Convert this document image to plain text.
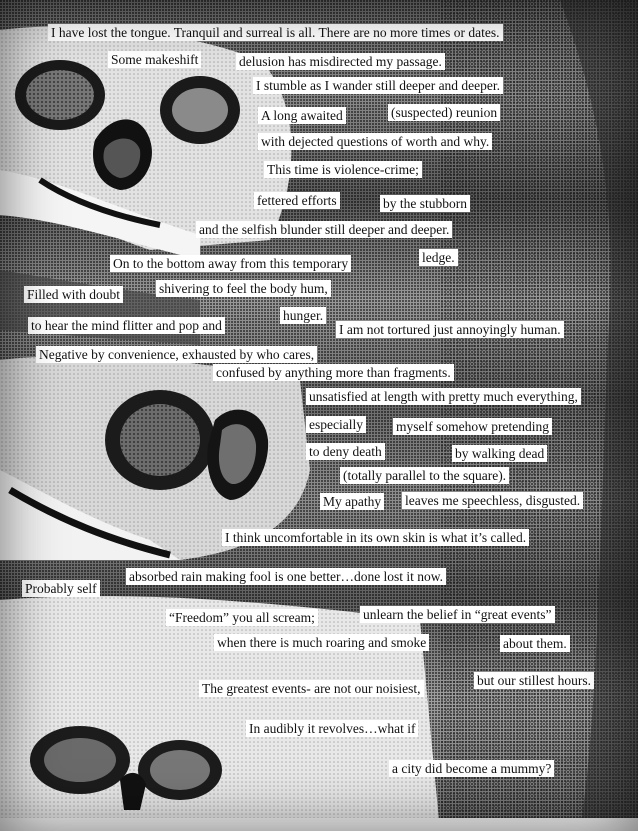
I have lost the tongue. Tranquil and surreal is all. There are no more times or dates.
Some makeshift	delusion has misdirected my passage.
I stumble as I wander still deeper and deeper.
A long awaited	(suspected) reunion
with dejected questions of worth and why.
This time is violence-crime;
fettered efforts	by the stubborn
and the selfish blunder still deeper and deeper.
On to the bottom away from this temporary	ledge.
Filled with doubt	shivering to feel the body hum,
hunger.
to hear the mind flitter and pop and	I am not tortured just annoyingly human.
Negative by convenience, exhausted by who cares,
confused by anything more than fragments.
unsatisfied at length with pretty much everything,
especially myself somehow pretending
to deny death	by walking dead
(totally parallel to the square).
My apathy leaves me speechless, disgusted.
I think uncomfortable in its own skin is what it’s called.
Probably self
absorbed rain making fool is one better…done lost it now.
“Freedom” you all scream;	unlearn the belief in “great events”
when there is much roaring and smoke	about them.
The greatest events- are not our noisiest,
but our stillest hours.
In audibly it revolves…what if
a city did become a mummy?
